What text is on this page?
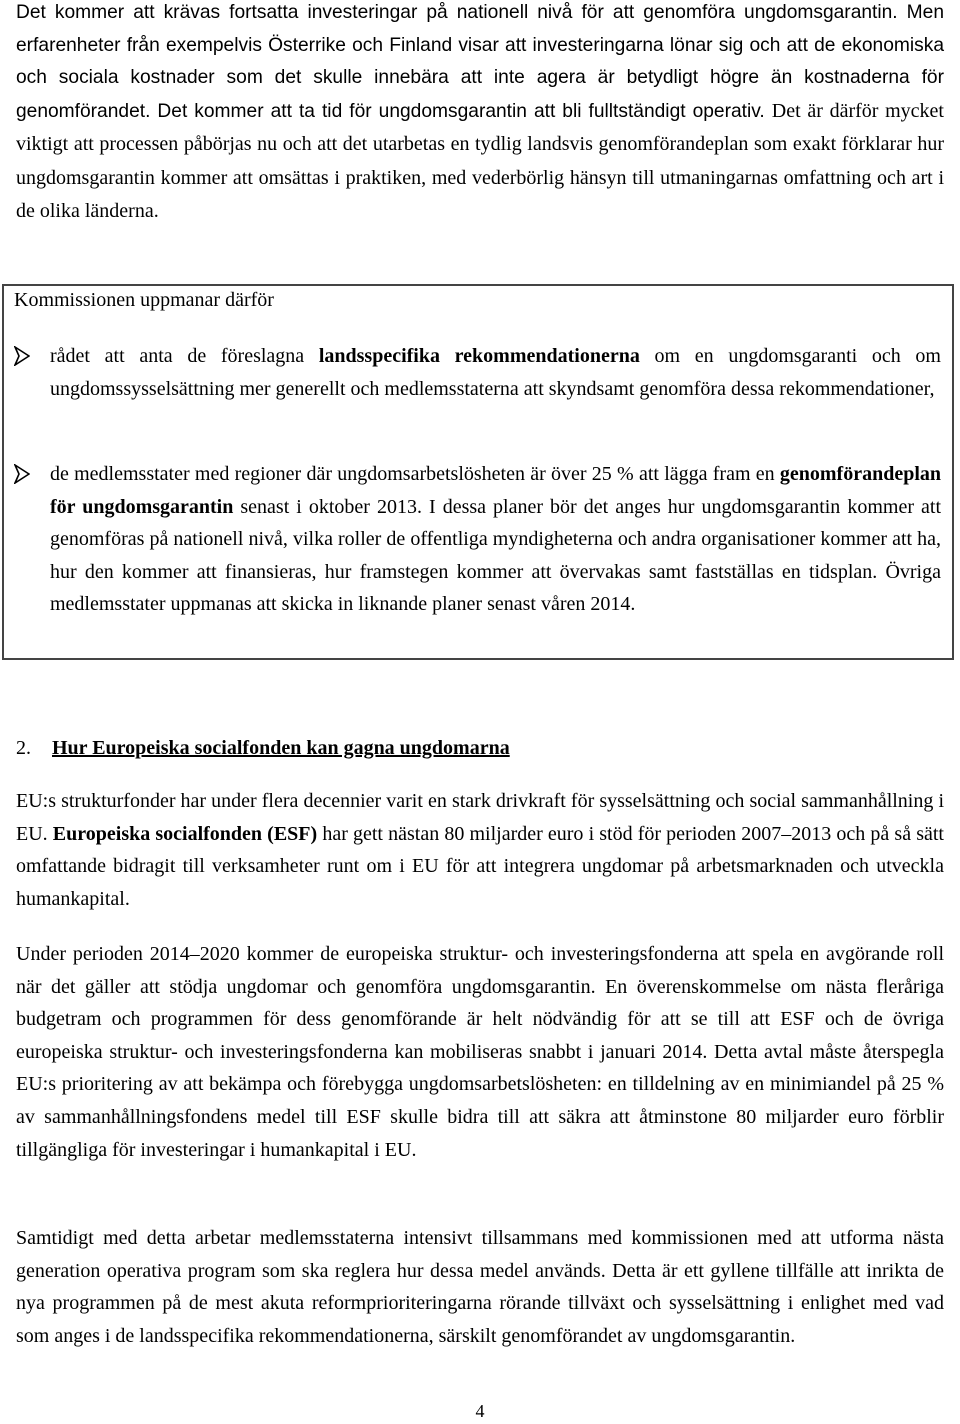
Det kommer att krävas fortsatta investeringar på nationell nivå för att genomföra ungdomsgarantin. Men erfarenheter från exempelvis Österrike och Finland visar att investeringarna lönar sig och att de ekonomiska och sociala kostnader som det skulle innebära att inte agera är betydligt högre än kostnaderna för genomförandet. Det kommer att ta tid för ungdomsgarantin att bli fulltständigt operativ. Det är därför mycket viktigt att processen påbörjas nu och att det utarbetas en tydlig landsvis genomförandeplan som exakt förklarar hur ungdomsgarantin kommer att omsättas i praktiken, med vederbörlig hänsyn till utmaningarnas omfattning och art i de olika länderna.

Kommissionen uppmanar därför

rådet att anta de föreslagna landsspecifika rekommendationerna om en ungdomsgaranti och om ungdomssysselsättning mer generellt och medlemsstaterna att skyndsamt genomföra dessa rekommendationer,

de medlemsstater med regioner där ungdomsarbetslösheten är över 25 % att lägga fram en genomförandeplan för ungdomsgarantin senast i oktober 2013. I dessa planer bör det anges hur ungdomsgarantin kommer att genomföras på nationell nivå, vilka roller de offentliga myndigheterna och andra organisationer kommer att ha, hur den kommer att finansieras, hur framstegen kommer att övervakas samt fastställas en tidsplan. Övriga medlemsstater uppmanas att skicka in liknande planer senast våren 2014.

2. Hur Europeiska socialfonden kan gagna ungdomarna

EU:s strukturfonder har under flera decennier varit en stark drivkraft för sysselsättning och social sammanhållning i EU. Europeiska socialfonden (ESF) har gett nästan 80 miljarder euro i stöd för perioden 2007–2013 och på så sätt omfattande bidragit till verksamheter runt om i EU för att integrera ungdomar på arbetsmarknaden och utveckla humankapital.

Under perioden 2014–2020 kommer de europeiska struktur- och investeringsfonderna att spela en avgörande roll när det gäller att stödja ungdomar och genomföra ungdomsgarantin. En överenskommelse om nästa fleråriga budgetram och programmen för dess genomförande är helt nödvändig för att se till att ESF och de övriga europeiska struktur- och investeringsfonderna kan mobiliseras snabbt i januari 2014. Detta avtal måste återspegla EU:s prioritering av att bekämpa och förebygga ungdomsarbetslösheten: en tilldelning av en minimiandel på 25 % av sammanhållningsfondens medel till ESF skulle bidra till att säkra att åtminstone 80 miljarder euro förblir tillgängliga för investeringar i humankapital i EU.

Samtidigt med detta arbetar medlemsstaterna intensivt tillsammans med kommissionen med att utforma nästa generation operativa program som ska reglera hur dessa medel används. Detta är ett gyllene tillfälle att inrikta de nya programmen på de mest akuta reformprioriteringarna rörande tillväxt och sysselsättning i enlighet med vad som anges i de landsspecifika rekommendationerna, särskilt genomförandet av ungdomsgarantin.

4
